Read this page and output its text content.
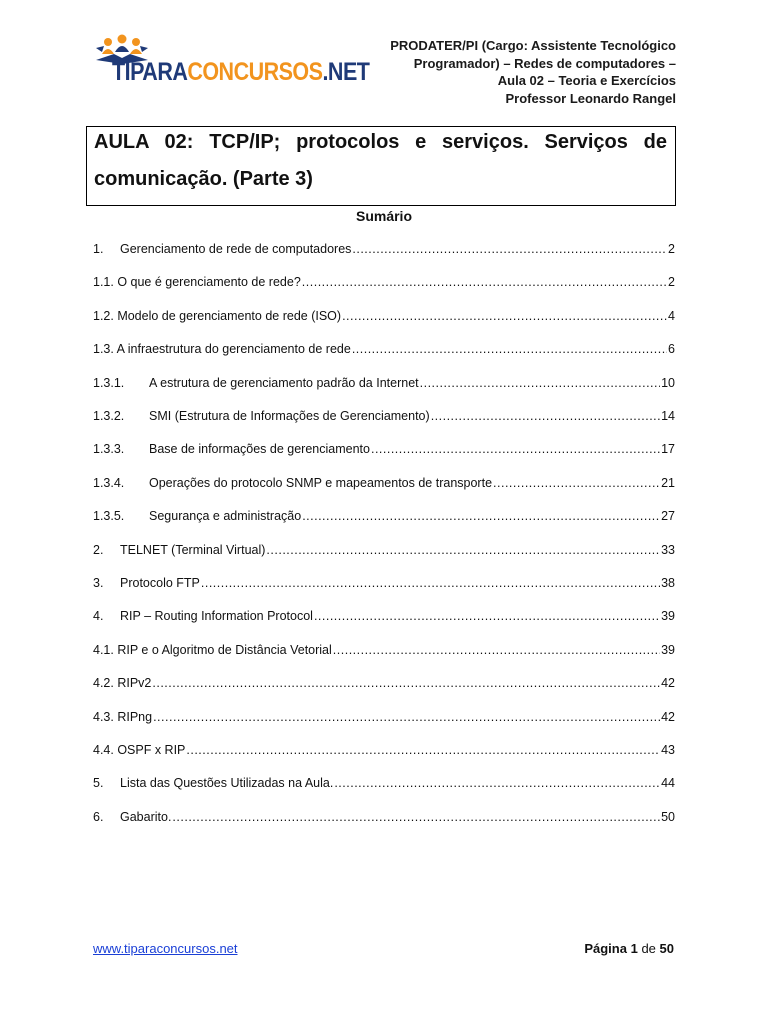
TIPARACONCURSOS.NET
PRODATER/PI (Cargo: Assistente Tecnológico
Programador) – Redes de computadores –
Aula 02 – Teoria e Exercícios
Professor Leonardo Rangel
AULA 02: TCP/IP; protocolos e serviços. Serviços de
comunicação. (Parte 3)
Sumário
1.	Gerenciamento de rede de computadores .....	2
1.1. O que é gerenciamento de rede? .....	2
1.2. Modelo de gerenciamento de rede (ISO) .....	4
1.3. A infraestrutura do gerenciamento de rede .....	6
1.3.1.	A estrutura de gerenciamento padrão da Internet .....	10
1.3.2.	SMI (Estrutura de Informações de Gerenciamento) .....	14
1.3.3.	Base de informações de gerenciamento .....	17
1.3.4.	Operações do protocolo SNMP e mapeamentos de transporte .....	21
1.3.5.	Segurança e administração .....	27
2.	TELNET (Terminal Virtual) .....	33
3.	Protocolo FTP .....	38
4.	RIP – Routing Information Protocol .....	39
4.1. RIP e o Algoritmo de Distância Vetorial .....	39
4.2. RIPv2 .....	42
4.3. RIPng .....	42
4.4. OSPF x RIP .....	43
5.	Lista das Questões Utilizadas na Aula. .....	44
6.	Gabarito. .....	50
www.tiparaconcursos.net	Página 1 de 50
